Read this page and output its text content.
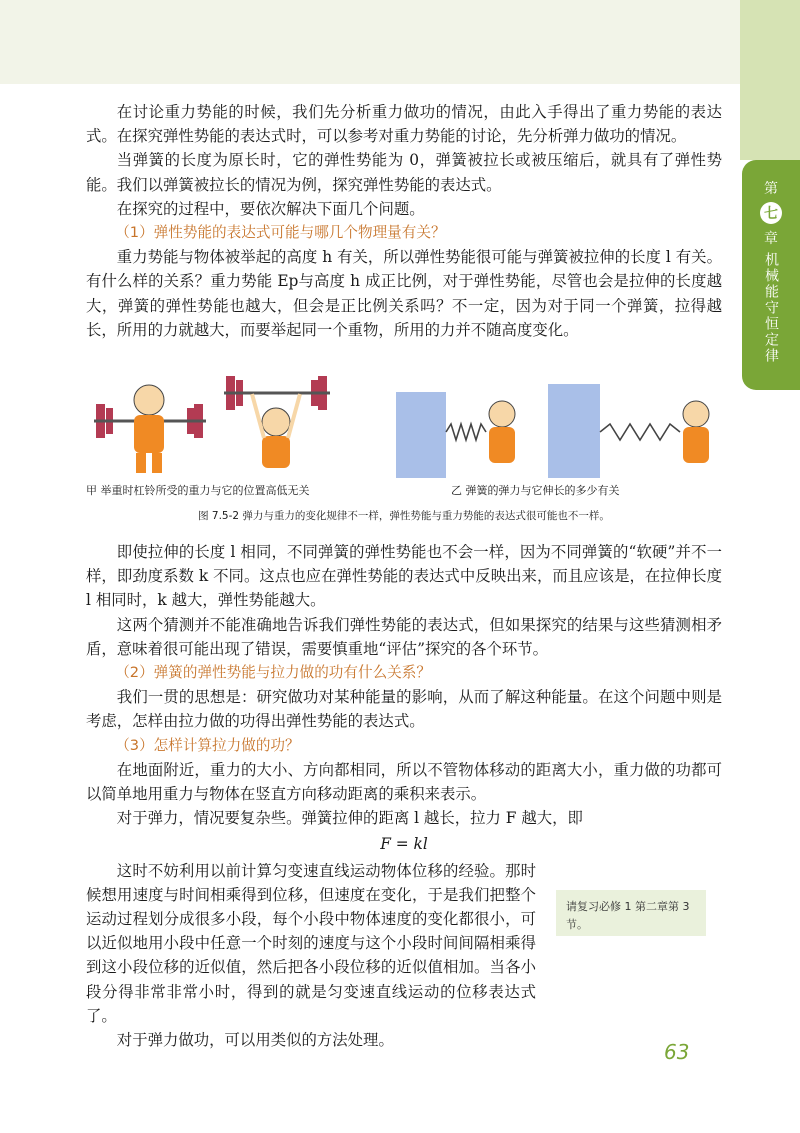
第
七
章
机械能守恒定律

在讨论重力势能的时候，我们先分析重力做功的情况，由此入手得出了重力势能的表达式。在探究弹性势能的表达式时，可以参考对重力势能的讨论，先分析弹力做功的情况。

当弹簧的长度为原长时，它的弹性势能为 0，弹簧被拉长或被压缩后，就具有了弹性势能。我们以弹簧被拉长的情况为例，探究弹性势能的表达式。

在探究的过程中，要依次解决下面几个问题。

（1）弹性势能的表达式可能与哪几个物理量有关？

重力势能与物体被举起的高度 h 有关，所以弹性势能很可能与弹簧被拉伸的长度 l 有关。有什么样的关系？重力势能 Ep与高度 h 成正比例，对于弹性势能，尽管也会是拉伸的长度越大，弹簧的弹性势能也越大，但会是正比例关系吗？不一定，因为对于同一个弹簧，拉得越长，所用的力就越大，而要举起同一个重物，所用的力并不随高度变化。

甲 举重时杠铃所受的重力与它的位置高低无关	乙 弹簧的弹力与它伸长的多少有关
图 7.5-2 弹力与重力的变化规律不一样，弹性势能与重力势能的表达式很可能也不一样。

即使拉伸的长度 l 相同，不同弹簧的弹性势能也不会一样，因为不同弹簧的“软硬”并不一样，即劲度系数 k 不同。这点也应在弹性势能的表达式中反映出来，而且应该是，在拉伸长度 l 相同时，k 越大，弹性势能越大。

这两个猜测并不能准确地告诉我们弹性势能的表达式，但如果探究的结果与这些猜测相矛盾，意味着很可能出现了错误，需要慎重地“评估”探究的各个环节。

（2）弹簧的弹性势能与拉力做的功有什么关系？

我们一贯的思想是：研究做功对某种能量的影响，从而了解这种能量。在这个问题中则是考虑，怎样由拉力做的功得出弹性势能的表达式。

（3）怎样计算拉力做的功？

在地面附近，重力的大小、方向都相同，所以不管物体移动的距离大小，重力做的功都可以简单地用重力与物体在竖直方向移动距离的乘积来表示。

对于弹力，情况要复杂些。弹簧拉伸的距离 l 越长，拉力 F 越大，即

F = kl

这时不妨利用以前计算匀变速直线运动物体位移的经验。那时候想用速度与时间相乘得到位移，但速度在变化，于是我们把整个运动过程划分成很多小段，每个小段中物体速度的变化都很小，可以近似地用小段中任意一个时刻的速度与这个小段时间间隔相乘得到这小段位移的近似值，然后把各小段位移的近似值相加。当各小段分得非常非常小时，得到的就是匀变速直线运动的位移表达式了。

对于弹力做功，可以用类似的方法处理。

请复习必修 1 第二章第 3 节。
63
